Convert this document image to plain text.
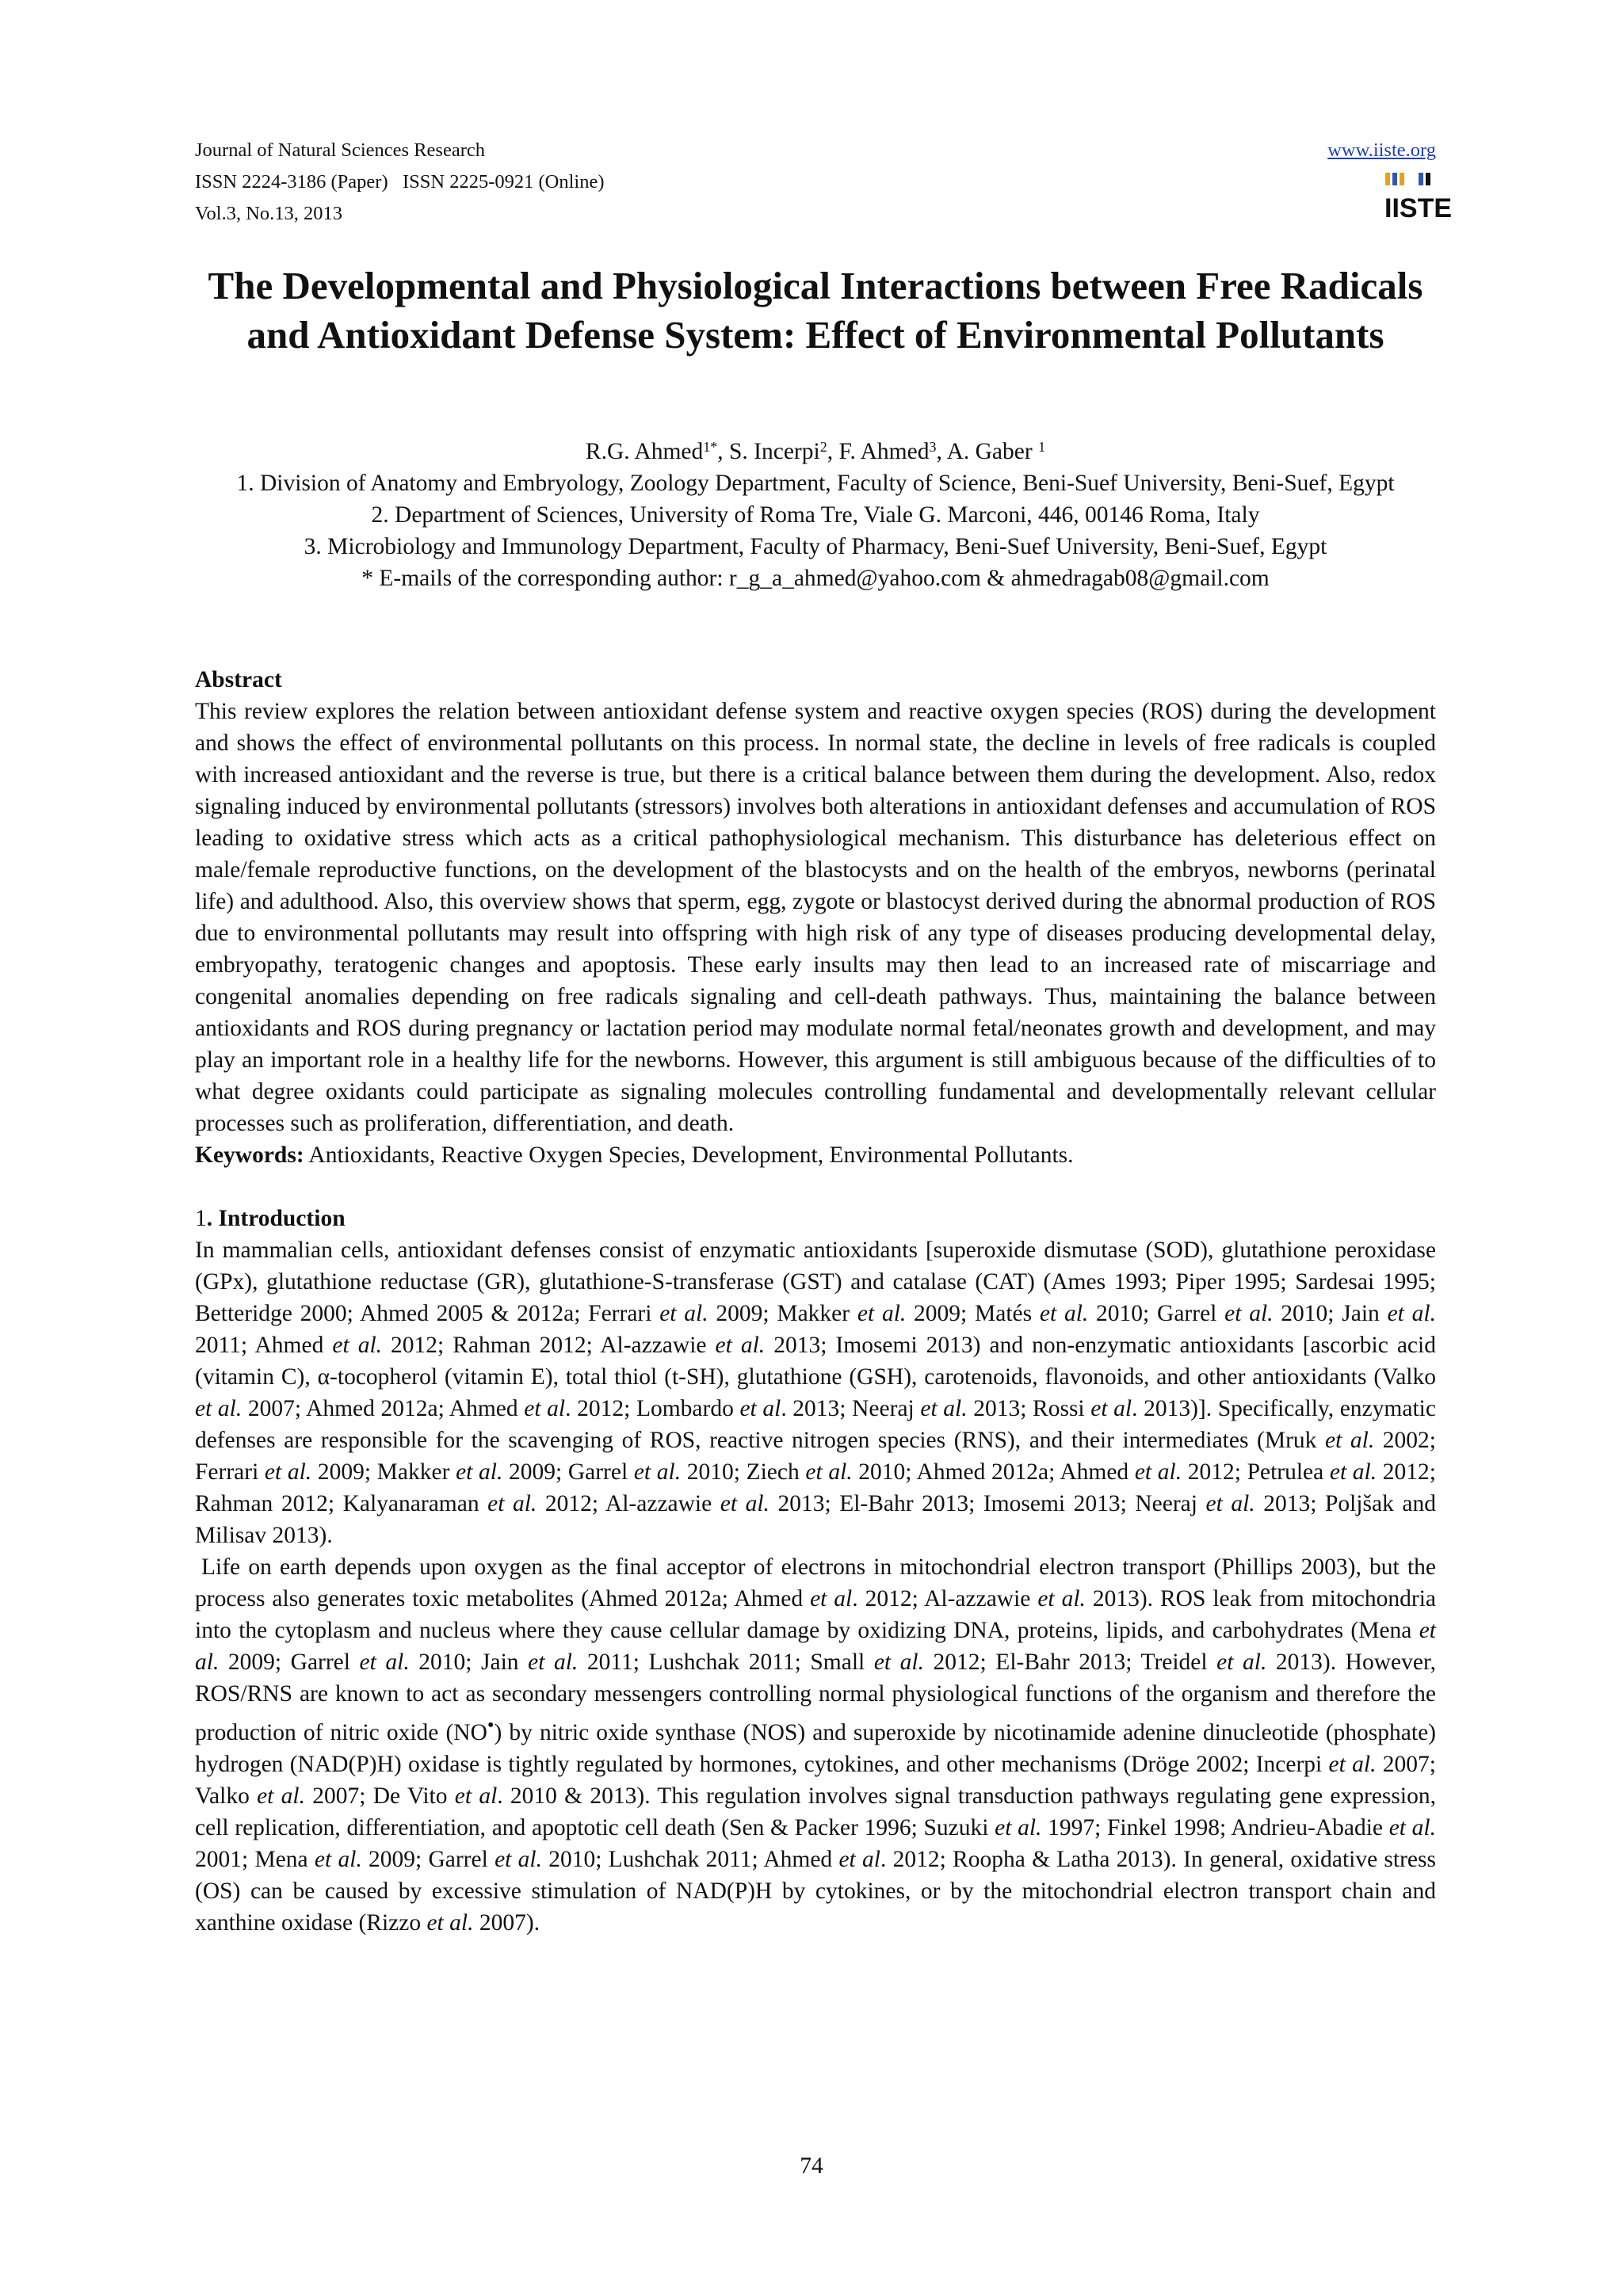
Journal of Natural Sciences Research
ISSN 2224-3186 (Paper)   ISSN 2225-0921 (Online)
Vol.3, No.13, 2013
www.iiste.org
IISTE
The Developmental and Physiological Interactions between Free Radicals and Antioxidant Defense System: Effect of Environmental Pollutants
R.G. Ahmed$^{1*}$, S. Incerpi$^2$, F. Ahmed$^3$, A. Gaber $^1$
1. Division of Anatomy and Embryology, Zoology Department, Faculty of Science, Beni-Suef University, Beni-Suef, Egypt
2. Department of Sciences, University of Roma Tre, Viale G. Marconi, 446, 00146 Roma, Italy
3. Microbiology and Immunology Department, Faculty of Pharmacy, Beni-Suef University, Beni-Suef, Egypt
* E-mails of the corresponding author: r_g_a_ahmed@yahoo.com & ahmedragab08@gmail.com

Abstract

This review explores the relation between antioxidant defense system and reactive oxygen species (ROS) during the development and shows the effect of environmental pollutants on this process. In normal state, the decline in levels of free radicals is coupled with increased antioxidant and the reverse is true, but there is a critical balance between them during the development. Also, redox signaling induced by environmental pollutants (stressors) involves both alterations in antioxidant defenses and accumulation of ROS leading to oxidative stress which acts as a critical pathophysiological mechanism. This disturbance has deleterious effect on male/female reproductive functions, on the development of the blastocysts and on the health of the embryos, newborns (perinatal life) and adulthood. Also, this overview shows that sperm, egg, zygote or blastocyst derived during the abnormal production of ROS due to environmental pollutants may result into offspring with high risk of any type of diseases producing developmental delay, embryopathy, teratogenic changes and apoptosis. These early insults may then lead to an increased rate of miscarriage and congenital anomalies depending on free radicals signaling and cell-death pathways. Thus, maintaining the balance between antioxidants and ROS during pregnancy or lactation period may modulate normal fetal/neonates growth and development, and may play an important role in a healthy life for the newborns. However, this argument is still ambiguous because of the difficulties of to what degree oxidants could participate as signaling molecules controlling fundamental and developmentally relevant cellular processes such as proliferation, differentiation, and death.

Keywords: Antioxidants, Reactive Oxygen Species, Development, Environmental Pollutants.

1. Introduction

In mammalian cells, antioxidant defenses consist of enzymatic antioxidants [superoxide dismutase (SOD), glutathione peroxidase (GPx), glutathione reductase (GR), glutathione-S-transferase (GST) and catalase (CAT) (Ames 1993; Piper 1995; Sardesai 1995; Betteridge 2000; Ahmed 2005 & 2012a; Ferrari et al. 2009; Makker et al. 2009; Matés et al. 2010; Garrel et al. 2010; Jain et al. 2011; Ahmed et al. 2012; Rahman 2012; Al-azzawie et al. 2013; Imosemi 2013) and non-enzymatic antioxidants [ascorbic acid (vitamin C), α-tocopherol (vitamin E), total thiol (t-SH), glutathione (GSH), carotenoids, flavonoids, and other antioxidants (Valko et al. 2007; Ahmed 2012a; Ahmed et al. 2012; Lombardo et al. 2013; Neeraj et al. 2013; Rossi et al. 2013)]. Specifically, enzymatic defenses are responsible for the scavenging of ROS, reactive nitrogen species (RNS), and their intermediates (Mruk et al. 2002; Ferrari et al. 2009; Makker et al. 2009; Garrel et al. 2010; Ziech et al. 2010; Ahmed 2012a; Ahmed et al. 2012; Petrulea et al. 2012; Rahman 2012; Kalyanaraman et al. 2012; Al-azzawie et al. 2013; El-Bahr 2013; Imosemi 2013; Neeraj et al. 2013; Poljšak and Milisav 2013).

Life on earth depends upon oxygen as the final acceptor of electrons in mitochondrial electron transport (Phillips 2003), but the process also generates toxic metabolites (Ahmed 2012a; Ahmed et al. 2012; Al-azzawie et al. 2013). ROS leak from mitochondria into the cytoplasm and nucleus where they cause cellular damage by oxidizing DNA, proteins, lipids, and carbohydrates (Mena et al. 2009; Garrel et al. 2010; Jain et al. 2011; Lushchak 2011; Small et al. 2012; El-Bahr 2013; Treidel et al. 2013). However, ROS/RNS are known to act as secondary messengers controlling normal physiological functions of the organism and therefore the production of nitric oxide (NO•) by nitric oxide synthase (NOS) and superoxide by nicotinamide adenine dinucleotide (phosphate) hydrogen (NAD(P)H) oxidase is tightly regulated by hormones, cytokines, and other mechanisms (Dröge 2002; Incerpi et al. 2007; Valko et al. 2007; De Vito et al. 2010 & 2013). This regulation involves signal transduction pathways regulating gene expression, cell replication, differentiation, and apoptotic cell death (Sen & Packer 1996; Suzuki et al. 1997; Finkel 1998; Andrieu-Abadie et al. 2001; Mena et al. 2009; Garrel et al. 2010; Lushchak 2011; Ahmed et al. 2012; Roopha & Latha 2013). In general, oxidative stress (OS) can be caused by excessive stimulation of NAD(P)H by cytokines, or by the mitochondrial electron transport chain and xanthine oxidase (Rizzo et al. 2007).

74
